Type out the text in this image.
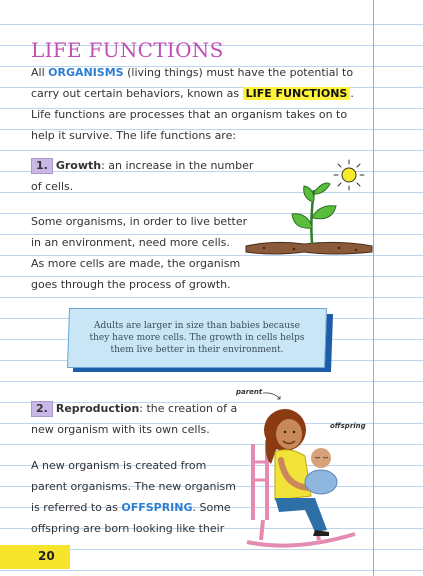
LIFE FUNCTIONS
All ORGANISMS (living things) must have the potential to
carry out certain behaviors, known as LIFE FUNCTIONS .
Life functions are processes that an organism takes on to
help it survive. The life functions are:
1. Growth: an increase in the number
of cells.
Some organisms, in order to live better
in an environment, need more cells.
As more cells are made, the organism
goes through the process of growth.
Adults are larger in size than babies because they have more cells. The growth in cells helps them live better in their environment.
2. Reproduction: the creation of a
new organism with its own cells.
A new organism is created from
parent organisms. The new organism
is referred to as OFFSPRING. Some
offspring are born looking like their
parent
offspring
20
